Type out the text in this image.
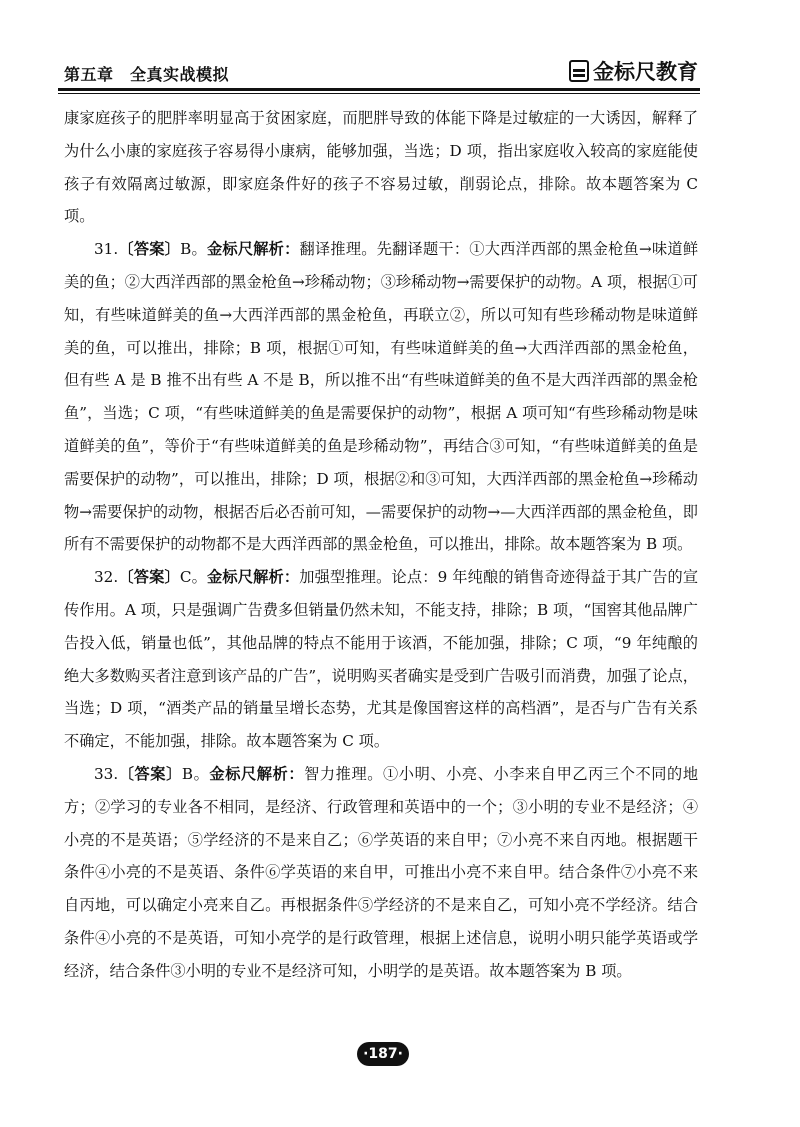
第五章　全真实战模拟	金标尺教育

康家庭孩子的肥胖率明显高于贫困家庭，而肥胖导致的体能下降是过敏症的一大诱因，解释了为什么小康的家庭孩子容易得小康病，能够加强，当选；D 项，指出家庭收入较高的家庭能使孩子有效隔离过敏源，即家庭条件好的孩子不容易过敏，削弱论点，排除。故本题答案为 C 项。

31.〔答案〕B。金标尺解析：翻译推理。先翻译题干：①大西洋西部的黑金枪鱼→味道鲜美的鱼；②大西洋西部的黑金枪鱼→珍稀动物；③珍稀动物→需要保护的动物。A 项，根据①可知，有些味道鲜美的鱼→大西洋西部的黑金枪鱼，再联立②，所以可知有些珍稀动物是味道鲜美的鱼，可以推出，排除；B 项，根据①可知，有些味道鲜美的鱼→大西洋西部的黑金枪鱼，但有些 A 是 B 推不出有些 A 不是 B，所以推不出“有些味道鲜美的鱼不是大西洋西部的黑金枪鱼”，当选；C 项，“有些味道鲜美的鱼是需要保护的动物”，根据 A 项可知“有些珍稀动物是味道鲜美的鱼”，等价于“有些味道鲜美的鱼是珍稀动物”，再结合③可知，“有些味道鲜美的鱼是需要保护的动物”，可以推出，排除；D 项，根据②和③可知，大西洋西部的黑金枪鱼→珍稀动物→需要保护的动物，根据否后必否前可知，—需要保护的动物→—大西洋西部的黑金枪鱼，即所有不需要保护的动物都不是大西洋西部的黑金枪鱼，可以推出，排除。故本题答案为 B 项。

32.〔答案〕C。金标尺解析：加强型推理。论点：9 年纯酿的销售奇迹得益于其广告的宣传作用。A 项，只是强调广告费多但销量仍然未知，不能支持，排除；B 项，“国窖其他品牌广告投入低，销量也低”，其他品牌的特点不能用于该酒，不能加强，排除；C 项，“9 年纯酿的绝大多数购买者注意到该产品的广告”，说明购买者确实是受到广告吸引而消费，加强了论点，当选；D 项，“酒类产品的销量呈增长态势，尤其是像国窖这样的高档酒”，是否与广告有关系不确定，不能加强，排除。故本题答案为 C 项。

33.〔答案〕B。金标尺解析：智力推理。①小明、小亮、小李来自甲乙丙三个不同的地方；②学习的专业各不相同，是经济、行政管理和英语中的一个；③小明的专业不是经济；④小亮的不是英语；⑤学经济的不是来自乙；⑥学英语的来自甲；⑦小亮不来自丙地。根据题干条件④小亮的不是英语、条件⑥学英语的来自甲，可推出小亮不来自甲。结合条件⑦小亮不来自丙地，可以确定小亮来自乙。再根据条件⑤学经济的不是来自乙，可知小亮不学经济。结合条件④小亮的不是英语，可知小亮学的是行政管理，根据上述信息，说明小明只能学英语或学经济，结合条件③小明的专业不是经济可知，小明学的是英语。故本题答案为 B 项。

·187·
